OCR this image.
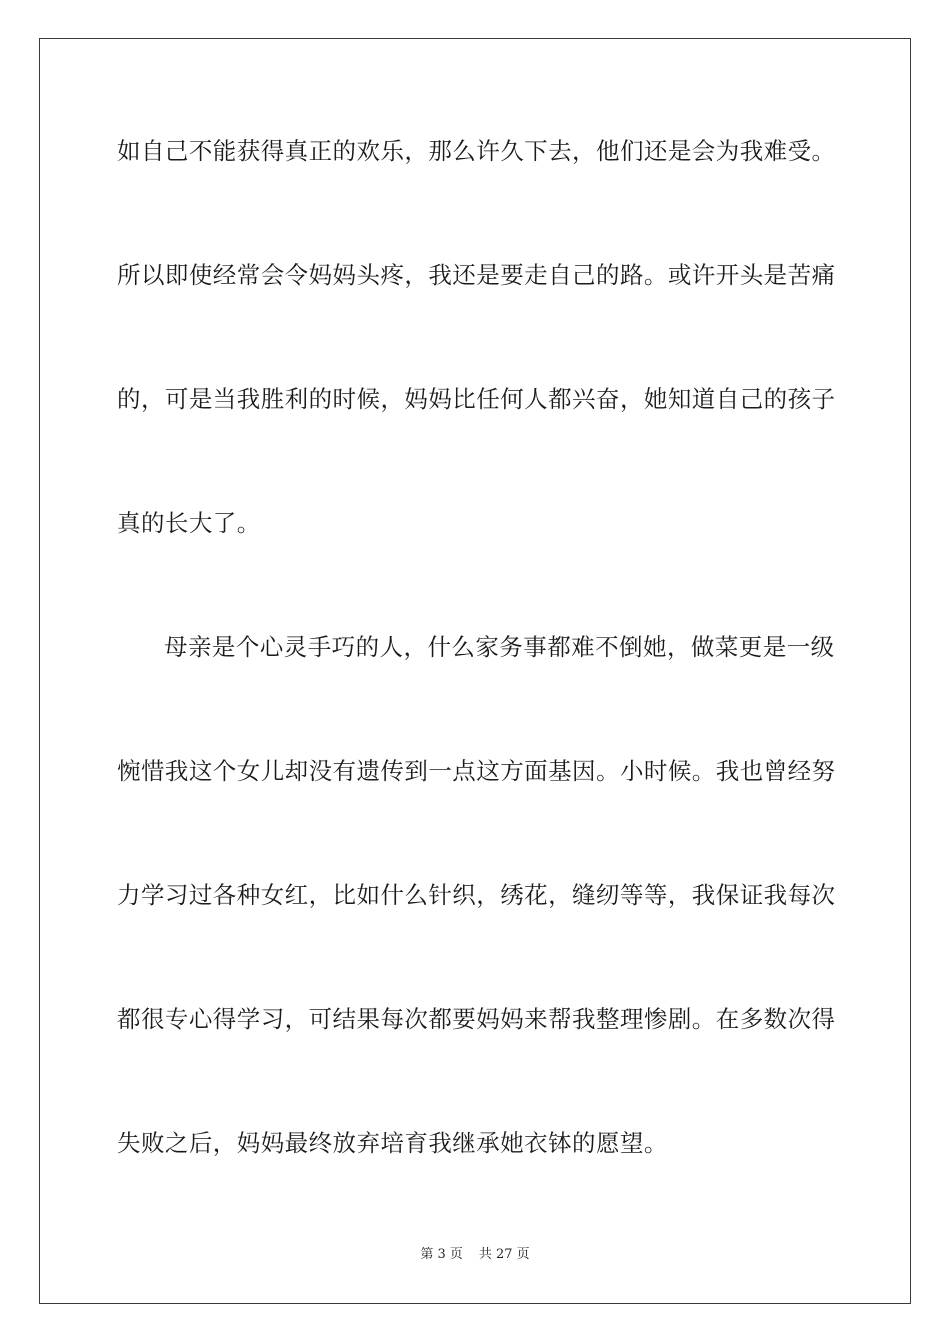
如自己不能获得真正的欢乐，那么许久下去，他们还是会为我难受。
所以即使经常会令妈妈头疼，我还是要走自己的路。或许开头是苦痛
的，可是当我胜利的时候，妈妈比任何人都兴奋，她知道自己的孩子
真的长大了。
母亲是个心灵手巧的人，什么家务事都难不倒她，做菜更是一级
惋惜我这个女儿却没有遗传到一点这方面基因。小时候。我也曾经努
力学习过各种女红，比如什么针织，绣花，缝纫等等，我保证我每次
都很专心得学习，可结果每次都要妈妈来帮我整理惨剧。在多数次得
失败之后，妈妈最终放弃培育我继承她衣钵的愿望。
第 3 页 共 27 页
